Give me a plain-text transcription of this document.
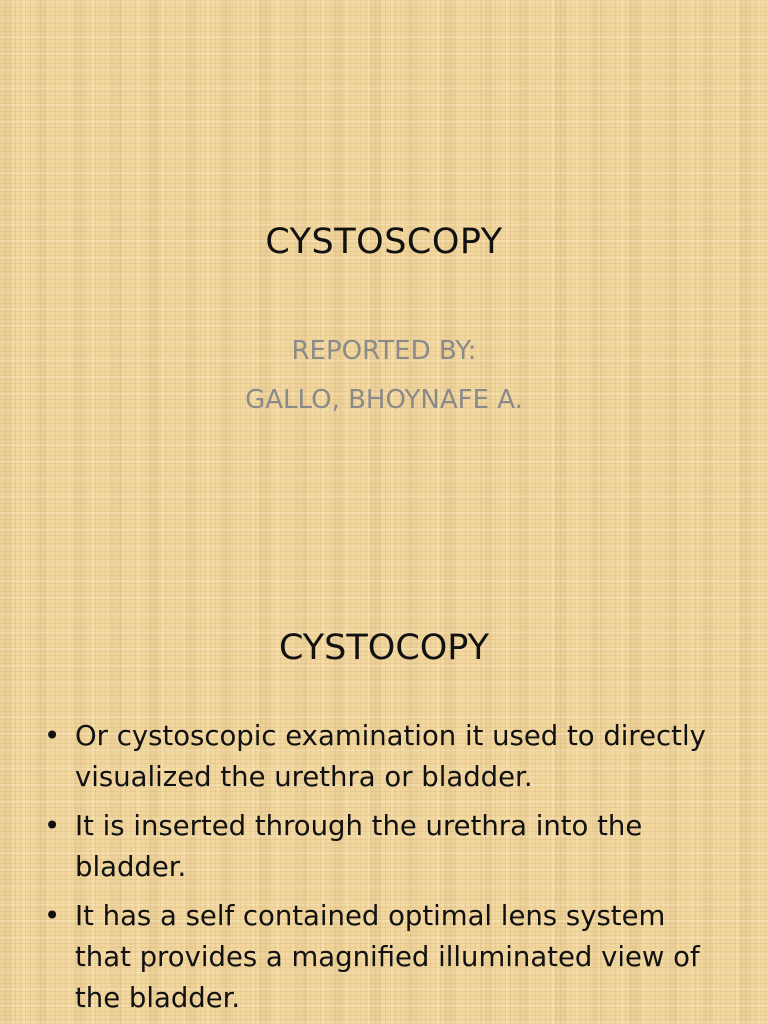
CYSTOSCOPY
REPORTED BY:
GALLO, BHOYNAFE A.
CYSTOCOPY
• Or cystoscopic examination it used to directly visualized the urethra or bladder.
• It is inserted through the urethra into the bladder.
• It has a self contained optimal lens system that provides a magnified illuminated view of the bladder.
